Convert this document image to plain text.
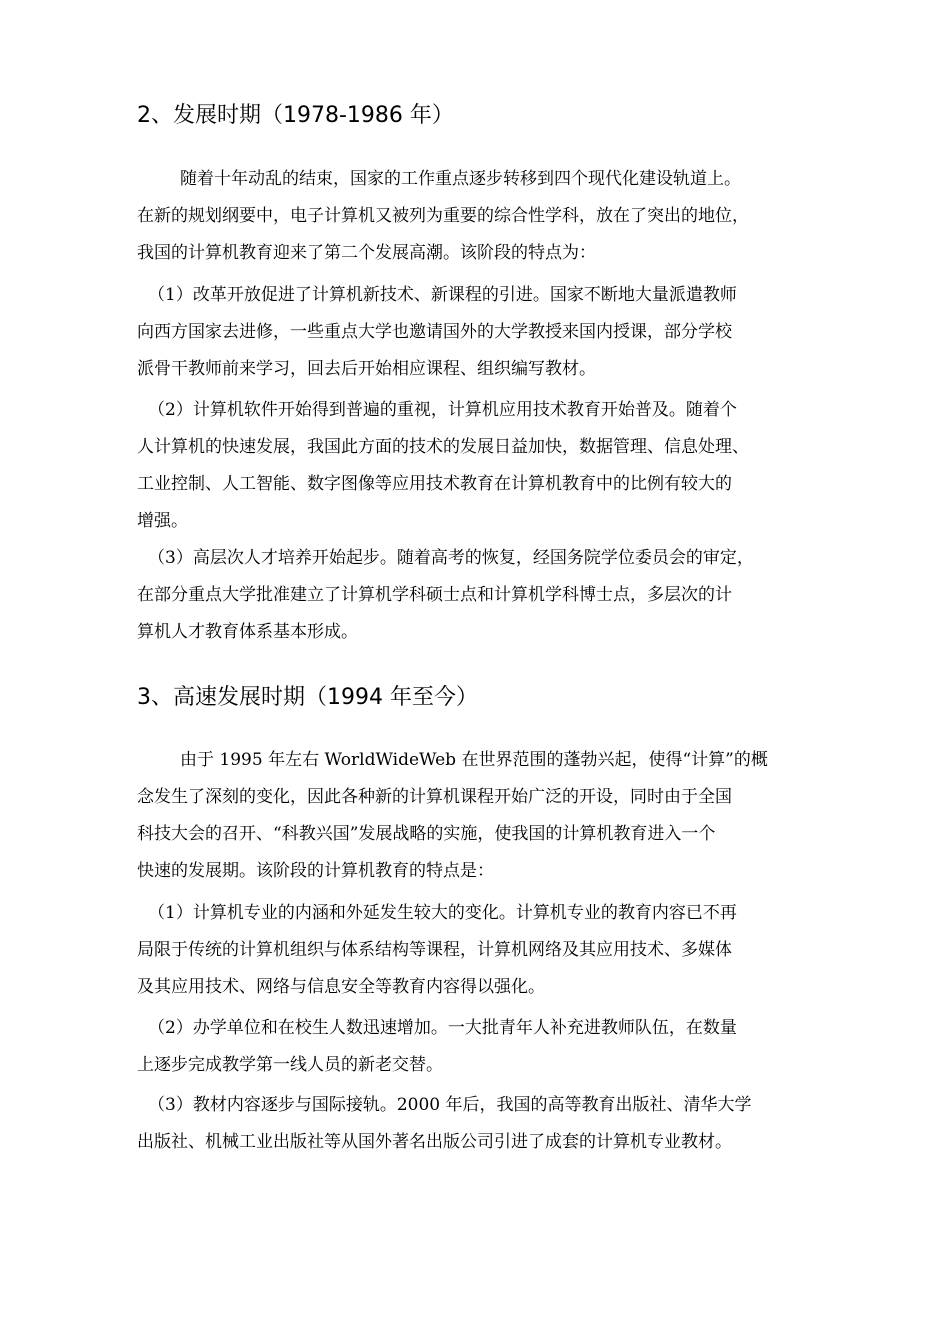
2、发展时期（1978-1986 年）
随着十年动乱的结束，国家的工作重点逐步转移到四个现代化建设轨道上。
在新的规划纲要中，电子计算机又被列为重要的综合性学科，放在了突出的地位，
我国的计算机教育迎来了第二个发展高潮。该阶段的特点为：
（1）改革开放促进了计算机新技术、新课程的引进。国家不断地大量派遣教师
向西方国家去进修，一些重点大学也邀请国外的大学教授来国内授课，部分学校
派骨干教师前来学习，回去后开始相应课程、组织编写教材。
（2）计算机软件开始得到普遍的重视，计算机应用技术教育开始普及。随着个
人计算机的快速发展，我国此方面的技术的发展日益加快，数据管理、信息处理、
工业控制、人工智能、数字图像等应用技术教育在计算机教育中的比例有较大的
增强。
（3）高层次人才培养开始起步。随着高考的恢复，经国务院学位委员会的审定，
在部分重点大学批准建立了计算机学科硕士点和计算机学科博士点，多层次的计
算机人才教育体系基本形成。
3、高速发展时期（1994 年至今）
由于 1995 年左右 WorldWideWeb 在世界范围的蓬勃兴起，使得“计算”的概
念发生了深刻的变化，因此各种新的计算机课程开始广泛的开设，同时由于全国
科技大会的召开、“科教兴国”发展战略的实施，使我国的计算机教育进入一个
快速的发展期。该阶段的计算机教育的特点是：
（1）计算机专业的内涵和外延发生较大的变化。计算机专业的教育内容已不再
局限于传统的计算机组织与体系结构等课程，计算机网络及其应用技术、多媒体
及其应用技术、网络与信息安全等教育内容得以强化。
（2）办学单位和在校生人数迅速增加。一大批青年人补充进教师队伍，在数量
上逐步完成教学第一线人员的新老交替。
（3）教材内容逐步与国际接轨。2000 年后，我国的高等教育出版社、清华大学
出版社、机械工业出版社等从国外著名出版公司引进了成套的计算机专业教材。
